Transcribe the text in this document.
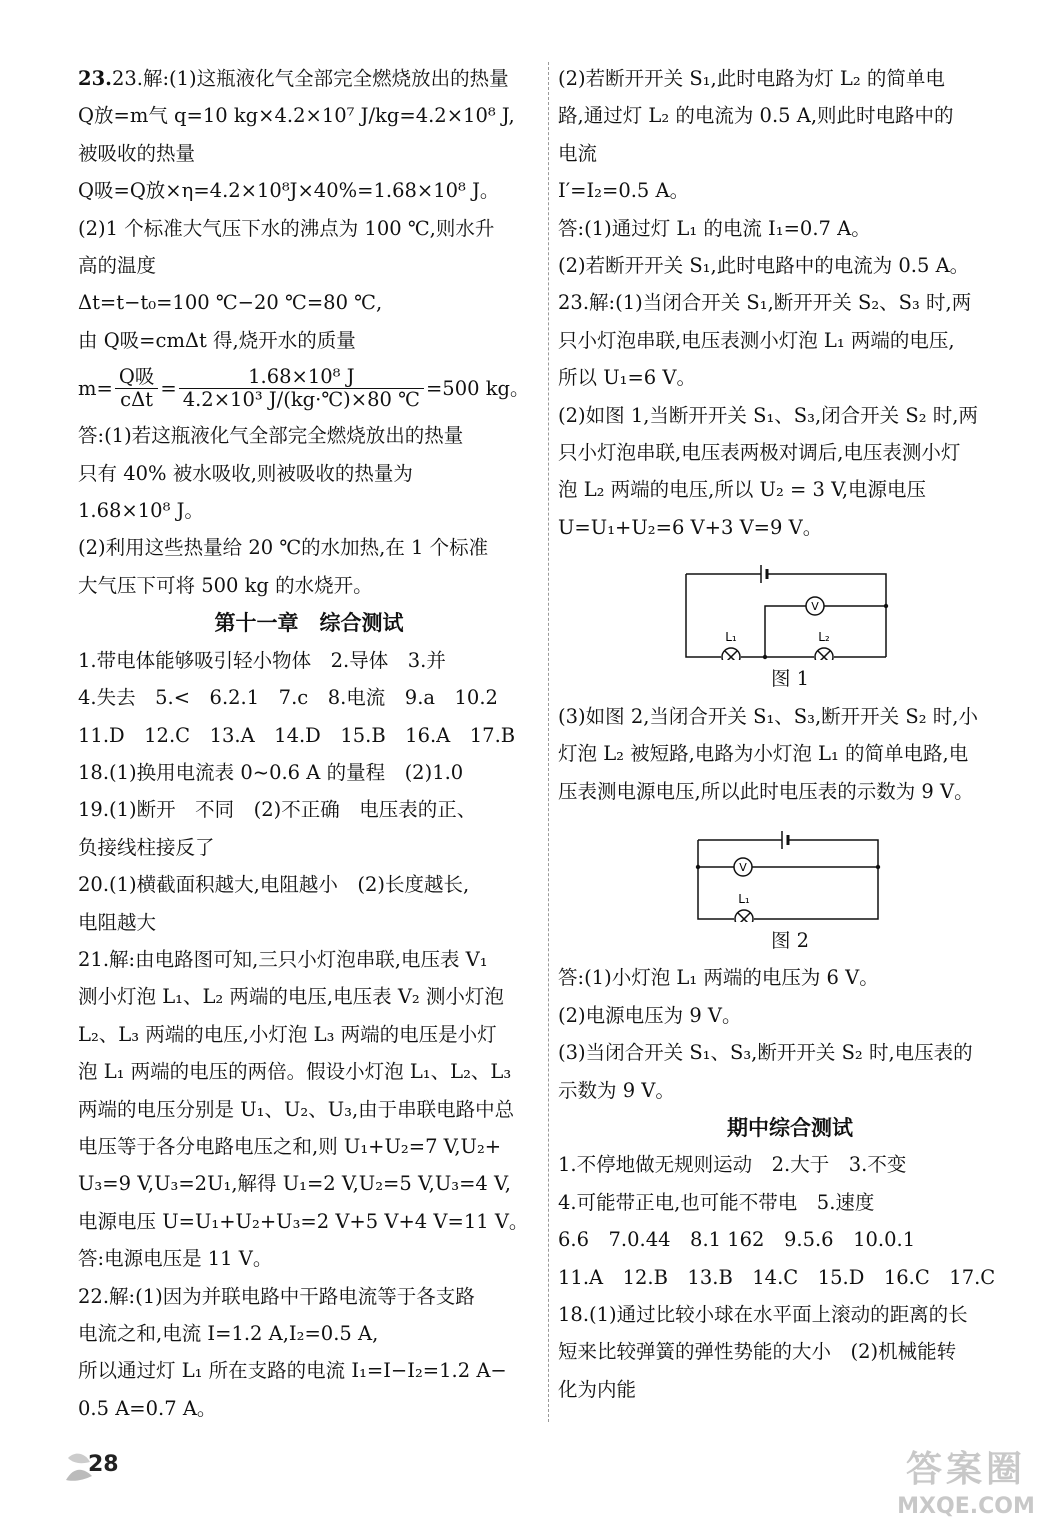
23.23.解:(1)这瓶液化气全部完全燃烧放出的热量

Q放=m气 q=10 kg×4.2×10⁷ J/kg=4.2×10⁸ J,

被吸收的热量

Q吸=Q放×η=4.2×10⁸J×40%=1.68×10⁸ J。

(2)1 个标准大气压下水的沸点为 100 ℃,则水升

高的温度

Δt=t−t₀=100 ℃−20 ℃=80 ℃,

由 Q吸=cmΔt 得,烧开水的质量

$m= \frac{\text{Q吸}}{\text{cΔt}} = \frac{\text{1.68×10⁸ J}}{\text{4.2×10³ J/(kg·℃)×80 ℃}} =500$ kg。

答:(1)若这瓶液化气全部完全燃烧放出的热量

只有 40% 被水吸收,则被吸收的热量为

1.68×10⁸ J。

(2)利用这些热量给 20 ℃的水加热,在 1 个标准

大气压下可将 500 kg 的水烧开。

第十一章　综合测试

1.带电体能够吸引轻小物体　2.导体　3.并

4.失去　5.<　6.2.1　7.c　8.电流　9.a　10.2

11.D　12.C　13.A　14.D　15.B　16.A　17.B

18.(1)换用电流表 0~0.6 A 的量程　(2)1.0

19.(1)断开　不同　(2)不正确　电压表的正、

负接线柱接反了

20.(1)横截面积越大,电阻越小　(2)长度越长,

电阻越大

21.解:由电路图可知,三只小灯泡串联,电压表 V₁

测小灯泡 L₁、L₂ 两端的电压,电压表 V₂ 测小灯泡

L₂、L₃ 两端的电压,小灯泡 L₃ 两端的电压是小灯

泡 L₁ 两端的电压的两倍。假设小灯泡 L₁、L₂、L₃

两端的电压分别是 U₁、U₂、U₃,由于串联电路中总

电压等于各分电路电压之和,则 U₁+U₂=7 V,U₂+

U₃=9 V,U₃=2U₁,解得 U₁=2 V,U₂=5 V,U₃=4 V,

电源电压 U=U₁+U₂+U₃=2 V+5 V+4 V=11 V。

答:电源电压是 11 V。

22.解:(1)因为并联电路中干路电流等于各支路

电流之和,电流 I=1.2 A,I₂=0.5 A,

所以通过灯 L₁ 所在支路的电流 I₁=I−I₂=1.2 A−

0.5 A=0.7 A。

(2)若断开开关 S₁,此时电路为灯 L₂ 的简单电

路,通过灯 L₂ 的电流为 0.5 A,则此时电路中的

电流

I′=I₂=0.5 A。

答:(1)通过灯 L₁ 的电流 I₁=0.7 A。

(2)若断开开关 S₁,此时电路中的电流为 0.5 A。

23.解:(1)当闭合开关 S₁,断开开关 S₂、S₃ 时,两

只小灯泡串联,电压表测小灯泡 L₁ 两端的电压,

所以 U₁=6 V。

(2)如图 1,当断开开关 S₁、S₃,闭合开关 S₂ 时,两

只小灯泡串联,电压表两极对调后,电压表测小灯

泡 L₂ 两端的电压,所以 U₂ = 3 V,电源电压

U=U₁+U₂=6 V+3 V=9 V。

V
L₁	L₂

图 1

(3)如图 2,当闭合开关 S₁、S₃,断开开关 S₂ 时,小

灯泡 L₂ 被短路,电路为小灯泡 L₁ 的简单电路,电

压表测电源电压,所以此时电压表的示数为 9 V。

V
L₁

图 2

答:(1)小灯泡 L₁ 两端的电压为 6 V。

(2)电源电压为 9 V。

(3)当闭合开关 S₁、S₃,断开开关 S₂ 时,电压表的

示数为 9 V。

期中综合测试

1.不停地做无规则运动　2.大于　3.不变

4.可能带正电,也可能不带电　5.速度

6.6　7.0.44　8.1 162　9.5.6　10.0.1

11.A　12.B　13.B　14.C　15.D　16.C　17.C

18.(1)通过比较小球在水平面上滚动的距离的长

短来比较弹簧的弹性势能的大小　(2)机械能转

化为内能

28	答案圈
MXQE.COM
